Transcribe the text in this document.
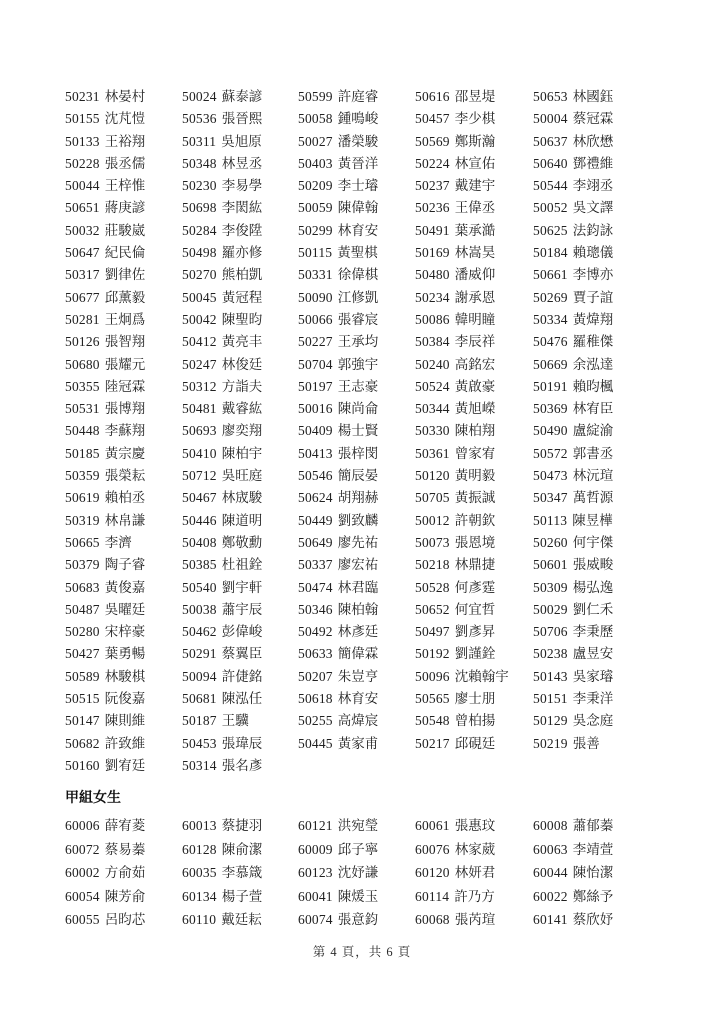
50231 林晏村
50155 沈芃愷
50133 王裕翔
50228 張丞儒
50044 王梓惟
50651 蔣庚諺
50032 莊駿崴
50647 紀民倫
50317 劉律佐
50677 邱薰毅
50281 王炯爲
50126 張智翔
50680 張耀元
50355 陸冠霖
50531 張博翔
50448 李蘇翔
50185 黃宗慶
50359 張榮耘
50619 賴柏丞
50319 林帛謙
50665 李濟
50379 陶子睿
50683 黃俊嘉
50487 吳曜廷
50280 宋梓豪
50427 葉勇暢
50589 林駿棋
50515 阮俊嘉
50147 陳則維
50682 許致維
50160 劉宥廷
50024 蘇泰諺
50536 張晉熙
50311 吳旭原
50348 林昱丞
50230 李易學
50698 李閎紘
50284 李俊陞
50498 羅亦修
50270 熊柏凱
50045 黃冠程
50042 陳聖昀
50412 黃亮丰
50247 林俊廷
50312 方詣夫
50481 戴睿紘
50693 廖奕翔
50410 陳柏宇
50712 吳旺庭
50467 林宬駿
50446 陳道明
50408 鄭敬勳
50385 杜祖銓
50540 劉宇軒
50038 蕭宇辰
50462 彭偉峻
50291 蔡翼臣
50094 許倢銘
50681 陳泓任
50187 王驥
50453 張瑋辰
50314 張名彥
50599 許庭睿
50058 鍾鳴峻
50027 潘榮駿
50403 黃晉洋
50209 李士璿
50059 陳偉翰
50299 林育安
50115 黃聖棋
50331 徐偉棋
50090 江修凱
50066 張睿宸
50227 王承均
50704 郭強宇
50197 王志豪
50016 陳尚侖
50409 楊士賢
50413 張梓閔
50546 簡辰晏
50624 胡翔赫
50449 劉致麟
50649 廖先祐
50337 廖宏祐
50474 林君臨
50346 陳柏翰
50492 林彥廷
50633 簡偉霖
50207 朱豈亨
50618 林育安
50255 高煒宸
50445 黃家甫
50616 邵昱堤
50457 李少棋
50569 鄭斯瀚
50224 林宣佑
50237 戴建宇
50236 王偉丞
50491 葉承澔
50169 林嵩昊
50480 潘威仰
50234 謝承恩
50086 韓明瞳
50384 李辰祥
50240 高銘宏
50524 黃啟豪
50344 黃旭嶸
50330 陳柏翔
50361 曾家宥
50120 黃明毅
50705 黃振誠
50012 許朝欽
50073 張恩境
50218 林鼎捷
50528 何彥霆
50652 何宜哲
50497 劉彥昇
50192 劉謹銓
50096 沈賴翰宇
50565 廖士朋
50548 曾柏揚
50217 邱硯廷
50653 林國鈺
50004 蔡冠霖
50637 林欣懋
50640 鄧禮維
50544 李翊丞
50052 吳文譯
50625 法鈞詠
50184 賴璁儀
50661 李博亦
50269 賈子誼
50334 黃煒翔
50476 羅稚傑
50669 余泓達
50191 賴昀楓
50369 林宥臣
50490 盧綻渝
50572 郭書丞
50473 林沅瑄
50347 萬哲源
50113 陳昱樺
50260 何宇傑
50601 張威畯
50309 楊弘逸
50029 劉仁禾
50706 李秉歷
50238 盧昱安
50143 吳家璿
50151 李秉洋
50129 吳念庭
50219 張善
甲組女生
60006 薛宥菱
60072 蔡易蓁
60002 方俞茹
60054 陳芳俞
60055 呂昀芯
60013 蔡捷羽
60128 陳俞潔
60035 李慕箴
60134 楊子萱
60110 戴廷耘
60121 洪宛瑩
60009 邱子寧
60123 沈妤謙
60041 陳煖玉
60074 張意鈞
60061 張惠玟
60076 林家葳
60120 林妍君
60114 許乃方
60068 張芮瑄
60008 蕭郁蓁
60063 李靖萱
60044 陳怡潔
60022 鄭絲予
60141 蔡欣妤
第 4 頁，共 6 頁
